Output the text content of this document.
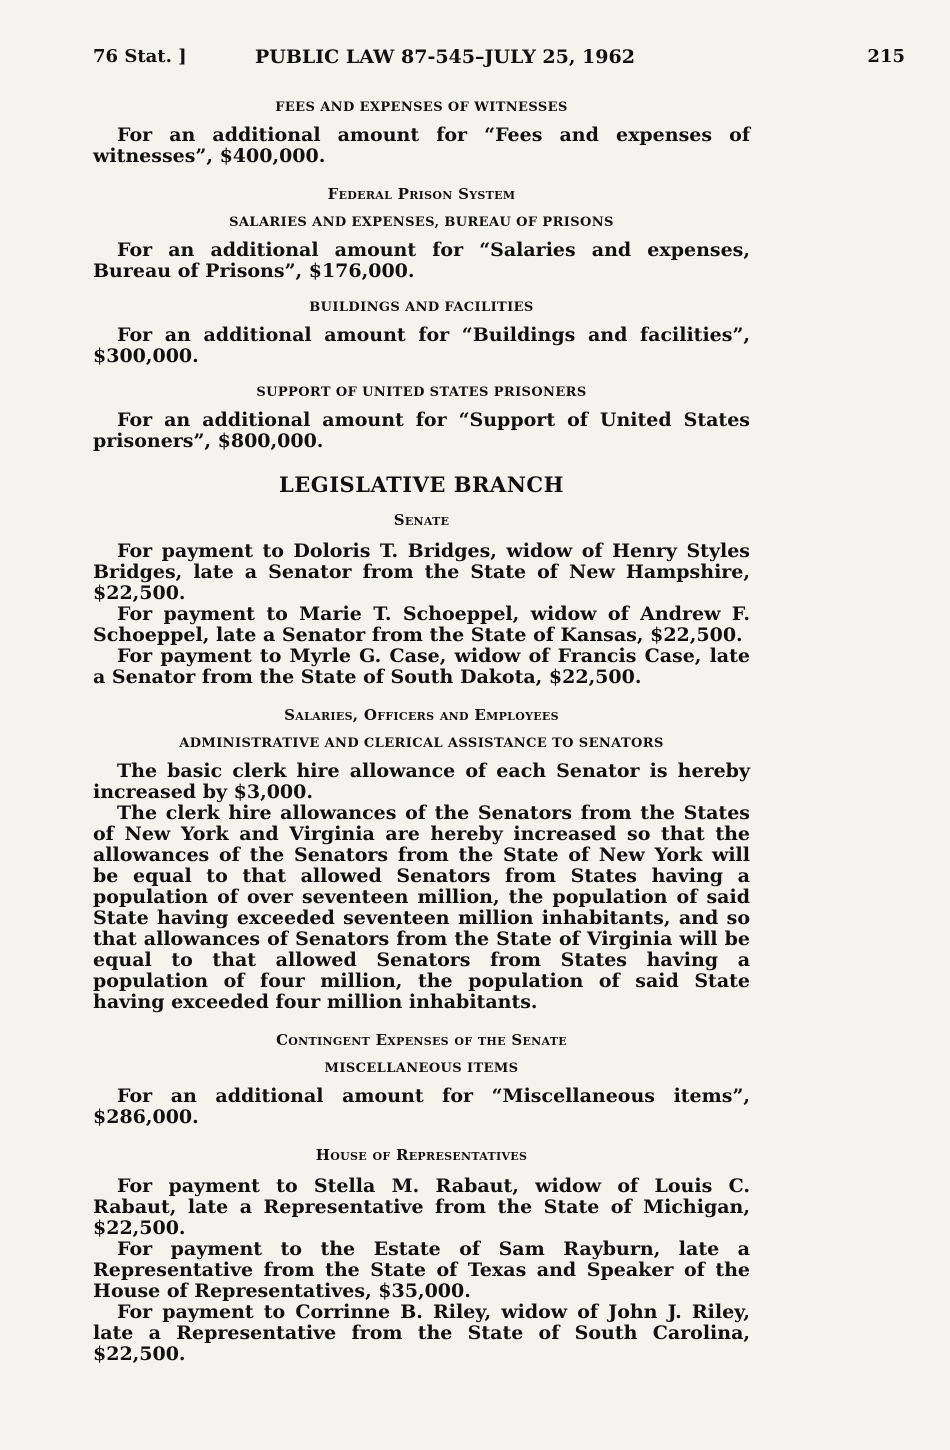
76 Stat. ]	PUBLIC LAW 87-545–JULY 25, 1962	215
FEES AND EXPENSES OF WITNESSES
For an additional amount for “Fees and expenses of witnesses”, $400,000.
Federal Prison System
SALARIES AND EXPENSES, BUREAU OF PRISONS
For an additional amount for “Salaries and expenses, Bureau of Prisons”, $176,000.
BUILDINGS AND FACILITIES
For an additional amount for “Buildings and facilities”, $300,000.
SUPPORT OF UNITED STATES PRISONERS
For an additional amount for “Support of United States prisoners”, $800,000.
LEGISLATIVE BRANCH
Senate
For payment to Doloris T. Bridges, widow of Henry Styles Bridges, late a Senator from the State of New Hampshire, $22,500.
For payment to Marie T. Schoeppel, widow of Andrew F. Schoeppel, late a Senator from the State of Kansas, $22,500.
For payment to Myrle G. Case, widow of Francis Case, late a Senator from the State of South Dakota, $22,500.
Salaries, Officers and Employees
ADMINISTRATIVE AND CLERICAL ASSISTANCE TO SENATORS
The basic clerk hire allowance of each Senator is hereby increased by $3,000.
The clerk hire allowances of the Senators from the States of New York and Virginia are hereby increased so that the allowances of the Senators from the State of New York will be equal to that allowed Senators from States having a population of over seventeen million, the population of said State having exceeded seventeen million inhabitants, and so that allowances of Senators from the State of Virginia will be equal to that allowed Senators from States having a population of four million, the population of said State having exceeded four million inhabitants.
Contingent Expenses of the Senate
MISCELLANEOUS ITEMS
For an additional amount for “Miscellaneous items”, $286,000.
House of Representatives
For payment to Stella M. Rabaut, widow of Louis C. Rabaut, late a Representative from the State of Michigan, $22,500.
For payment to the Estate of Sam Rayburn, late a Representative from the State of Texas and Speaker of the House of Representatives, $35,000.
For payment to Corrinne B. Riley, widow of John J. Riley, late a Representative from the State of South Carolina, $22,500.
